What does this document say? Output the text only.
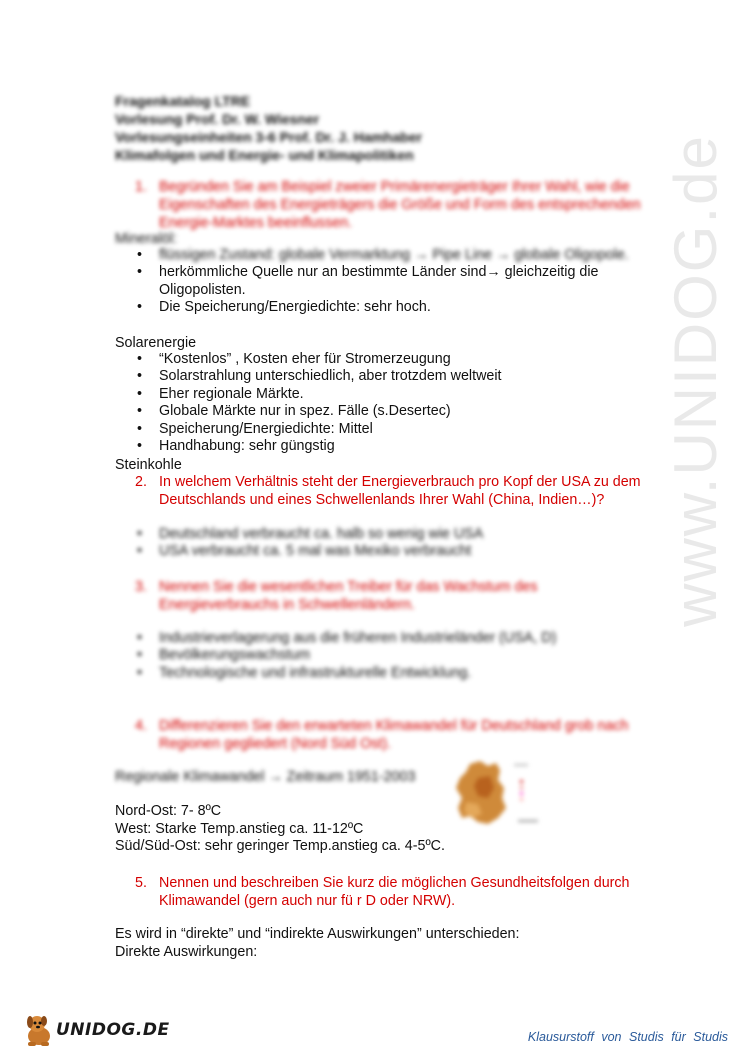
www.UNIDOG.de
Fragenkatalog LTRE
Vorlesung Prof. Dr. W. Wiesner
Vorlesungseinheiten 3-6 Prof. Dr. J. Hamhaber
Klimafolgen und Energie- und Klimapolitiken
1. Begründen Sie am Beispiel zweier Primärenergieträger Ihrer Wahl, wie die Eigenschaften des Energieträgers die Größe und Form des entsprechenden Energie-Marktes beeinflussen.
Mineralöl:
• flüssigen Zustand: globale Vermarktung → Pipe Line → globale Oligopole.
• herkömmliche Quelle nur an bestimmte Länder sind→ gleichzeitig die Oligopolisten.
• Die Speicherung/Energiedichte: sehr hoch.
Solarenergie
• “Kostenlos” , Kosten eher für Stromerzeugung
• Solarstrahlung unterschiedlich, aber trotzdem weltweit
• Eher regionale Märkte.
• Globale Märkte nur in spez. Fälle (s.Desertec)
• Speicherung/Energiedichte: Mittel
• Handhabung: sehr güngstig
Steinkohle
2. In welchem Verhältnis steht der Energieverbrauch pro Kopf der USA zu dem Deutschlands und eines Schwellenlands Ihrer Wahl (China, Indien…)?
• Deutschland verbraucht ca. halb so wenig wie USA
• USA verbraucht ca. 5 mal was Mexiko verbraucht
3. Nennen Sie die wesentlichen Treiber für das Wachstum des Energieverbrauchs in Schwellenländern.
• Industrieverlagerung aus die früheren Industrieländer (USA, D)
• Bevölkerungswachstum
• Technologische und infrastrukturelle Entwicklung.
4. Differenzieren Sie den erwarteten Klimawandel für Deutschland grob nach Regionen gegliedert (Nord Süd Ost).
Regionale Klimawandel → Zeitraum 1951-2003
Nord-Ost: 7- 8ºC
West: Starke Temp.anstieg ca. 11-12ºC
Süd/Süd-Ost: sehr geringer Temp.anstieg ca. 4-5ºC.
5. Nennen und beschreiben Sie kurz die möglichen Gesundheitsfolgen durch Klimawandel (gern auch nur fü r D oder NRW).
Es wird in “direkte” und “indirekte Auswirkungen” unterschieden:
Direkte Auswirkungen:
UNIDOG.DE	Klausurstoff von Studis für Studis
